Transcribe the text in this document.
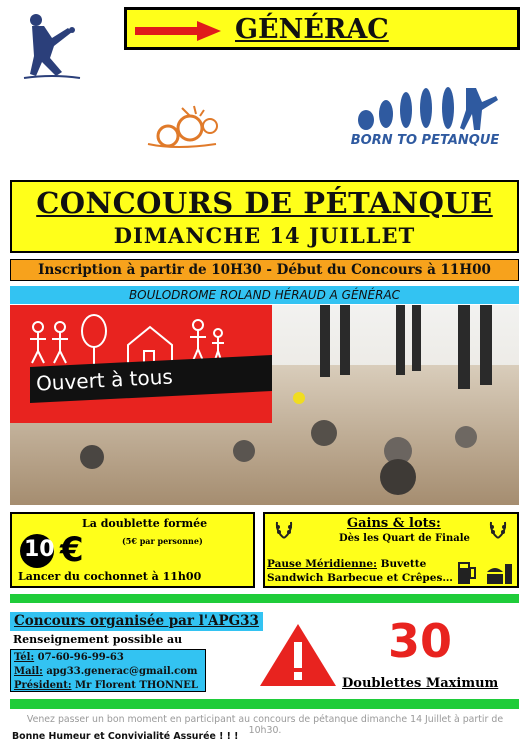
GÉNÉRAC
BORN TO PETANQUE
CONCOURS DE PÉTANQUE
DIMANCHE 14 JUILLET
Inscription à partir de 10H30 - Début du Concours à 11H00
BOULODROME ROLAND HÉRAUD A GÉNÉRAC
Ouvert à tous
La doublette formée
10 €	(5€ par personne)
Lancer du cochonnet à 11h00
Gains & lots:
Dès les Quart de Finale
Pause Méridienne: Buvette
Sandwich Barbecue et Crêpes…
Concours organisée par l'APG33
Renseignement possible au
Tél: 07-60-96-99-63
Mail: apg33.generac@gmail.com
Président: Mr Florent THONNEL
30
Doublettes Maximum
Venez passer un bon moment en participant au concours de pétanque dimanche 14 Juillet à partir de 10h30.
Bonne Humeur et Convivialité Assurée ! ! !
